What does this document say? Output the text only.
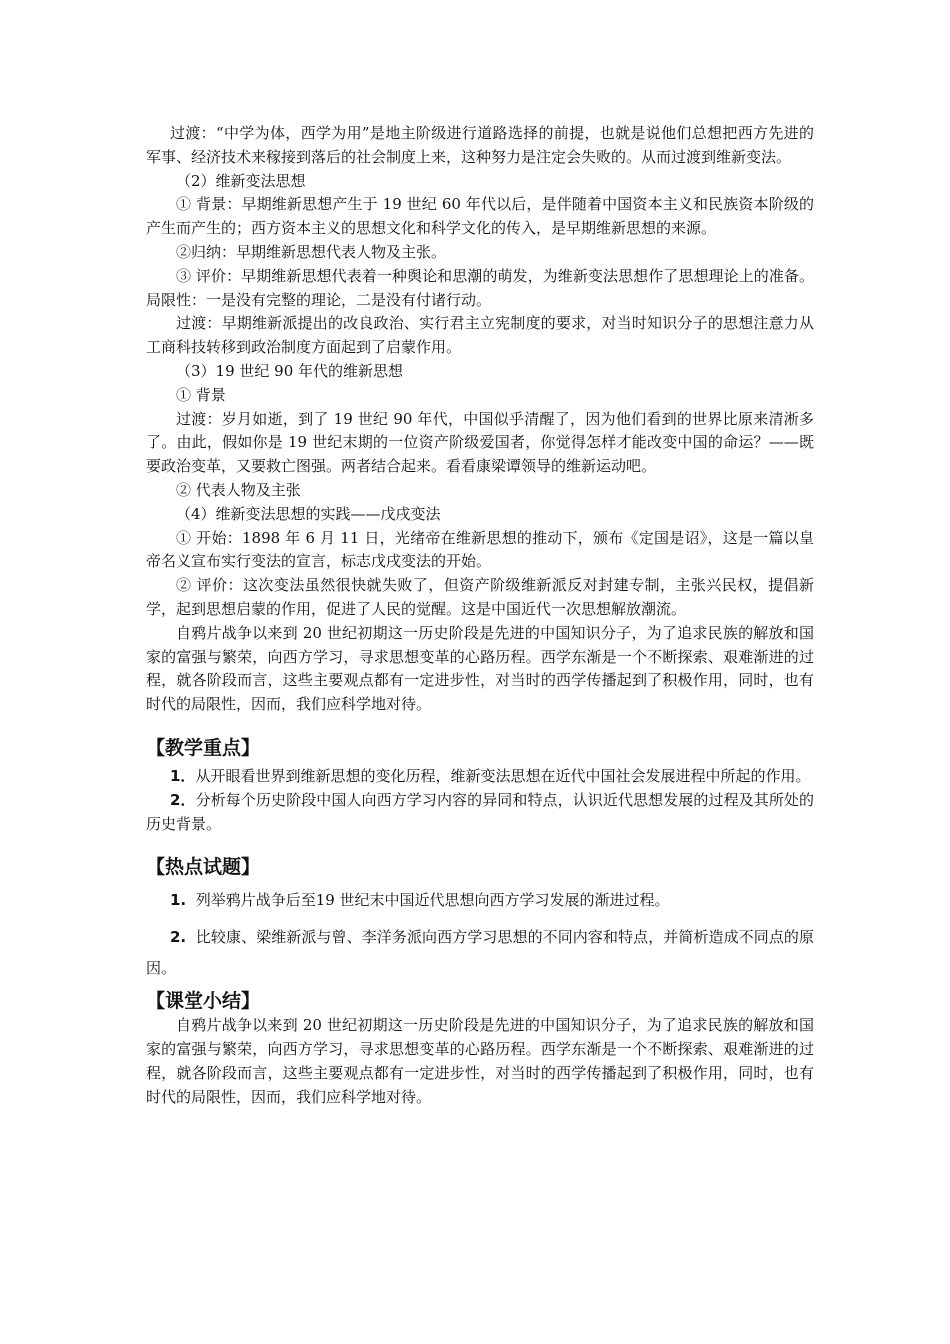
过渡：“中学为体，西学为用”是地主阶级进行道路选择的前提，也就是说他们总想把西方先进的军事、经济技术来稼接到落后的社会制度上来，这种努力是注定会失败的。从而过渡到维新变法。

（2）维新变法思想

① 背景：早期维新思想产生于 19 世纪 60 年代以后，是伴随着中国资本主义和民族资本阶级的产生而产生的；西方资本主义的思想文化和科学文化的传入，是早期维新思想的来源。

②归纳：早期维新思想代表人物及主张。

③ 评价：早期维新思想代表着一种舆论和思潮的萌发，为维新变法思想作了思想理论上的准备。局限性：一是没有完整的理论，二是没有付诸行动。

过渡：早期维新派提出的改良政治、实行君主立宪制度的要求，对当时知识分子的思想注意力从工商科技转移到政治制度方面起到了启蒙作用。

（3）19 世纪 90 年代的维新思想

① 背景

过渡：岁月如逝，到了 19 世纪 90 年代，中国似乎清醒了，因为他们看到的世界比原来清淅多了。由此，假如你是 19 世纪末期的一位资产阶级爱国者，你觉得怎样才能改变中国的命运？——既要政治变革，又要救亡图强。两者结合起来。看看康梁谭领导的维新运动吧。

② 代表人物及主张

（4）维新变法思想的实践——戊戌变法

① 开始：1898 年 6 月 11 日，光绪帝在维新思想的推动下，颁布《定国是诏》，这是一篇以皇帝名义宣布实行变法的宣言，标志戊戌变法的开始。

② 评价：这次变法虽然很快就失败了，但资产阶级维新派反对封建专制，主张兴民权，提倡新学，起到思想启蒙的作用，促进了人民的觉醒。这是中国近代一次思想解放潮流。

自鸦片战争以来到 20 世纪初期这一历史阶段是先进的中国知识分子，为了追求民族的解放和国家的富强与繁荣，向西方学习，寻求思想变革的心路历程。西学东渐是一个不断探索、艰难渐进的过程，就各阶段而言，这些主要观点都有一定进步性，对当时的西学传播起到了积极作用，同时，也有时代的局限性，因而，我们应科学地对待。

【教学重点】

1．从开眼看世界到维新思想的变化历程，维新变法思想在近代中国社会发展进程中所起的作用。

2．分析每个历史阶段中国人向西方学习内容的异同和特点，认识近代思想发展的过程及其所处的历史背景。

【热点试题】

1. 列举鸦片战争后至19 世纪末中国近代思想向西方学习发展的渐进过程。

2. 比较康、梁维新派与曾、李洋务派向西方学习思想的不同内容和特点，并简析造成不同点的原因。

【课堂小结】

自鸦片战争以来到 20 世纪初期这一历史阶段是先进的中国知识分子，为了追求民族的解放和国家的富强与繁荣，向西方学习，寻求思想变革的心路历程。西学东渐是一个不断探索、艰难渐进的过程，就各阶段而言，这些主要观点都有一定进步性，对当时的西学传播起到了积极作用，同时，也有时代的局限性，因而，我们应科学地对待。
